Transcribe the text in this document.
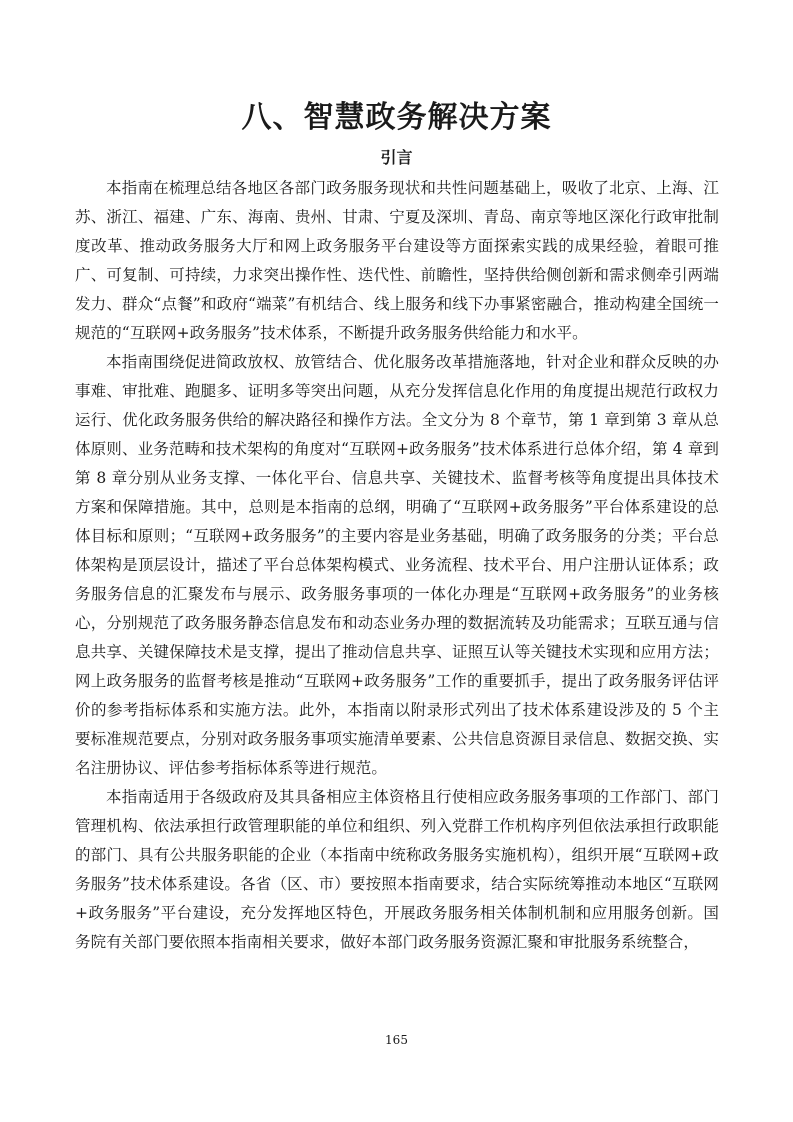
八、智慧政务解决方案
引言

本指南在梳理总结各地区各部门政务服务现状和共性问题基础上，吸收了北京、上海、江苏、浙江、福建、广东、海南、贵州、甘肃、宁夏及深圳、青岛、南京等地区深化行政审批制度改革、推动政务服务大厅和网上政务服务平台建设等方面探索实践的成果经验，着眼可推广、可复制、可持续，力求突出操作性、迭代性、前瞻性，坚持供给侧创新和需求侧牵引两端发力、群众“点餐”和政府“端菜”有机结合、线上服务和线下办事紧密融合，推动构建全国统一规范的“互联网+政务服务”技术体系，不断提升政务服务供给能力和水平。

本指南围绕促进简政放权、放管结合、优化服务改革措施落地，针对企业和群众反映的办事难、审批难、跑腿多、证明多等突出问题，从充分发挥信息化作用的角度提出规范行政权力运行、优化政务服务供给的解决路径和操作方法。全文分为 8 个章节，第 1 章到第 3 章从总体原则、业务范畴和技术架构的角度对“互联网+政务服务”技术体系进行总体介绍，第 4 章到第 8 章分别从业务支撑、一体化平台、信息共享、关键技术、监督考核等角度提出具体技术方案和保障措施。其中，总则是本指南的总纲，明确了“互联网+政务服务”平台体系建设的总体目标和原则；“互联网+政务服务”的主要内容是业务基础，明确了政务服务的分类；平台总体架构是顶层设计，描述了平台总体架构模式、业务流程、技术平台、用户注册认证体系；政务服务信息的汇聚发布与展示、政务服务事项的一体化办理是“互联网+政务服务”的业务核心，分别规范了政务服务静态信息发布和动态业务办理的数据流转及功能需求；互联互通与信息共享、关键保障技术是支撑，提出了推动信息共享、证照互认等关键技术实现和应用方法；网上政务服务的监督考核是推动“互联网+政务服务”工作的重要抓手，提出了政务服务评估评价的参考指标体系和实施方法。此外，本指南以附录形式列出了技术体系建设涉及的 5 个主要标准规范要点，分别对政务服务事项实施清单要素、公共信息资源目录信息、数据交换、实名注册协议、评估参考指标体系等进行规范。

本指南适用于各级政府及其具备相应主体资格且行使相应政务服务事项的工作部门、部门管理机构、依法承担行政管理职能的单位和组织、列入党群工作机构序列但依法承担行政职能的部门、具有公共服务职能的企业（本指南中统称政务服务实施机构），组织开展“互联网+政务服务”技术体系建设。各省（区、市）要按照本指南要求，结合实际统筹推动本地区“互联网+政务服务”平台建设，充分发挥地区特色，开展政务服务相关体制机制和应用服务创新。国务院有关部门要依照本指南相关要求，做好本部门政务服务资源汇聚和审批服务系统整合，

165
